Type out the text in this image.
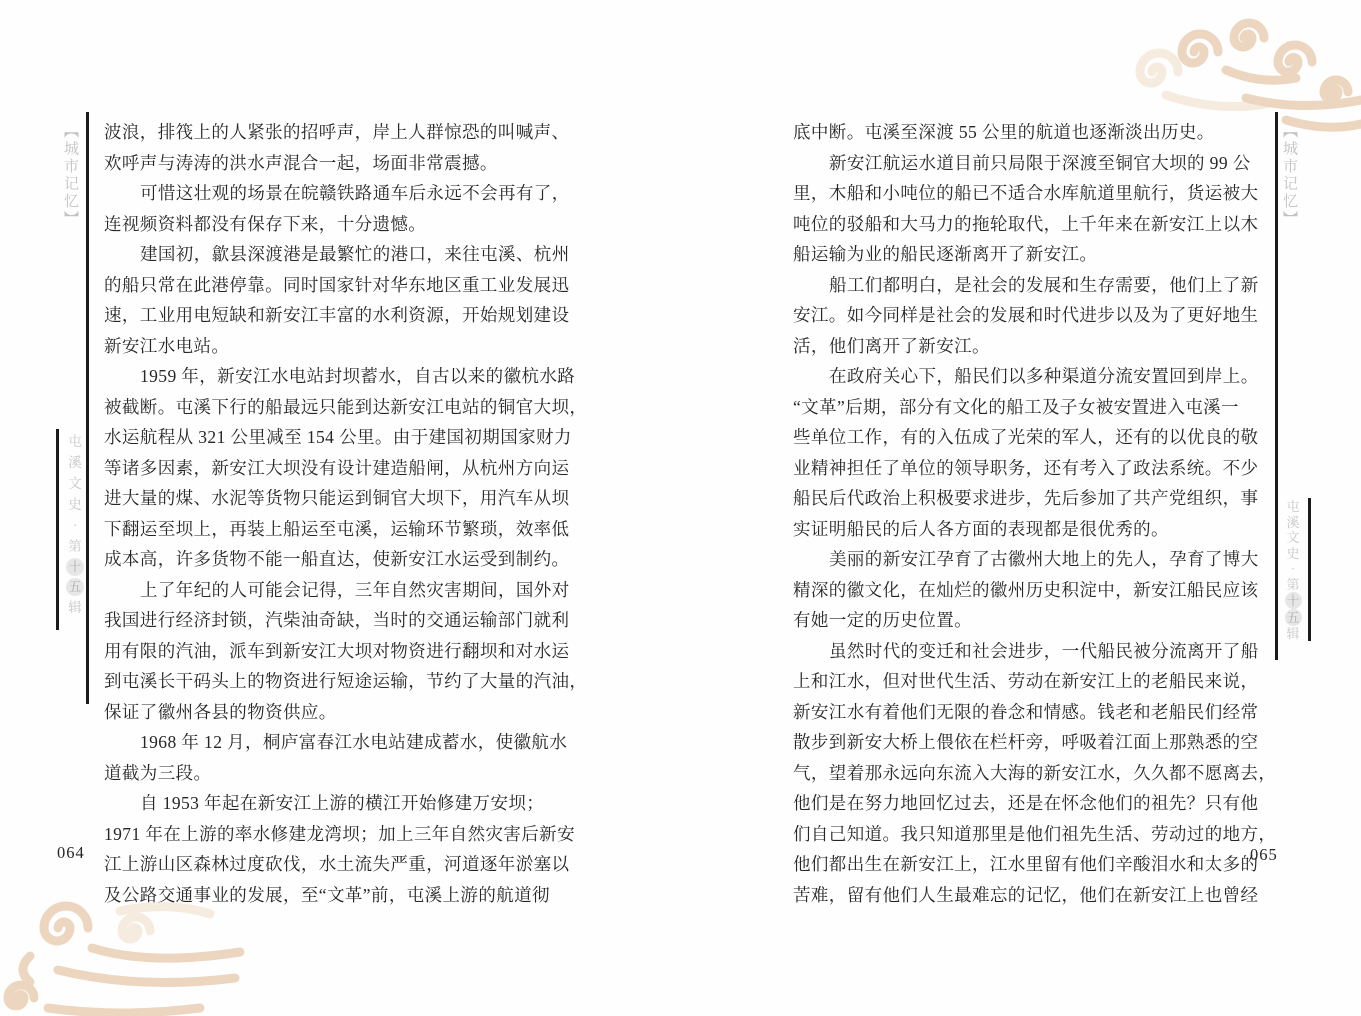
【城市记忆】
屯
溪
文
史
·
第
十
五
辑
波浪，排筏上的人紧张的招呼声，岸上人群惊恐的叫喊声、
欢呼声与涛涛的洪水声混合一起，场面非常震撼。
可惜这壮观的场景在皖赣铁路通车后永远不会再有了，
连视频资料都没有保存下来，十分遗憾。
建国初，歙县深渡港是最繁忙的港口，来往屯溪、杭州
的船只常在此港停靠。同时国家针对华东地区重工业发展迅
速，工业用电短缺和新安江丰富的水利资源，开始规划建设
新安江水电站。
1959 年，新安江水电站封坝蓄水，自古以来的徽杭水路
被截断。屯溪下行的船最远只能到达新安江电站的铜官大坝，
水运航程从 321 公里减至 154 公里。由于建国初期国家财力
等诸多因素，新安江大坝没有设计建造船闸，从杭州方向运
进大量的煤、水泥等货物只能运到铜官大坝下，用汽车从坝
下翻运至坝上，再装上船运至屯溪，运输环节繁琐，效率低
成本高，许多货物不能一船直达，使新安江水运受到制约。
上了年纪的人可能会记得，三年自然灾害期间，国外对
我国进行经济封锁，汽柴油奇缺，当时的交通运输部门就利
用有限的汽油，派车到新安江大坝对物资进行翻坝和对水运
到屯溪长干码头上的物资进行短途运输，节约了大量的汽油，
保证了徽州各县的物资供应。
1968 年 12 月，桐庐富春江水电站建成蓄水，使徽航水
道截为三段。
自 1953 年起在新安江上游的横江开始修建万安坝；
1971 年在上游的率水修建龙湾坝；加上三年自然灾害后新安
江上游山区森林过度砍伐，水土流失严重，河道逐年淤塞以
及公路交通事业的发展，至“文革”前，屯溪上游的航道彻
064
【城市记忆】
屯
溪
文
史
·
第
十
五
辑
底中断。屯溪至深渡 55 公里的航道也逐渐淡出历史。
新安江航运水道目前只局限于深渡至铜官大坝的 99 公
里，木船和小吨位的船已不适合水库航道里航行，货运被大
吨位的驳船和大马力的拖轮取代，上千年来在新安江上以木
船运输为业的船民逐渐离开了新安江。
船工们都明白，是社会的发展和生存需要，他们上了新
安江。如今同样是社会的发展和时代进步以及为了更好地生
活，他们离开了新安江。
在政府关心下，船民们以多种渠道分流安置回到岸上。
“文革”后期，部分有文化的船工及子女被安置进入屯溪一
些单位工作，有的入伍成了光荣的军人，还有的以优良的敬
业精神担任了单位的领导职务，还有考入了政法系统。不少
船民后代政治上积极要求进步，先后参加了共产党组织，事
实证明船民的后人各方面的表现都是很优秀的。
美丽的新安江孕育了古徽州大地上的先人，孕育了博大
精深的徽文化，在灿烂的徽州历史积淀中，新安江船民应该
有她一定的历史位置。
虽然时代的变迁和社会进步，一代船民被分流离开了船
上和江水，但对世代生活、劳动在新安江上的老船民来说，
新安江水有着他们无限的眷念和情感。钱老和老船民们经常
散步到新安大桥上偎依在栏杆旁，呼吸着江面上那熟悉的空
气，望着那永远向东流入大海的新安江水，久久都不愿离去，
他们是在努力地回忆过去，还是在怀念他们的祖先？只有他
们自己知道。我只知道那里是他们祖先生活、劳动过的地方，
他们都出生在新安江上，江水里留有他们辛酸泪水和太多的
苦难，留有他们人生最难忘的记忆，他们在新安江上也曾经
065
